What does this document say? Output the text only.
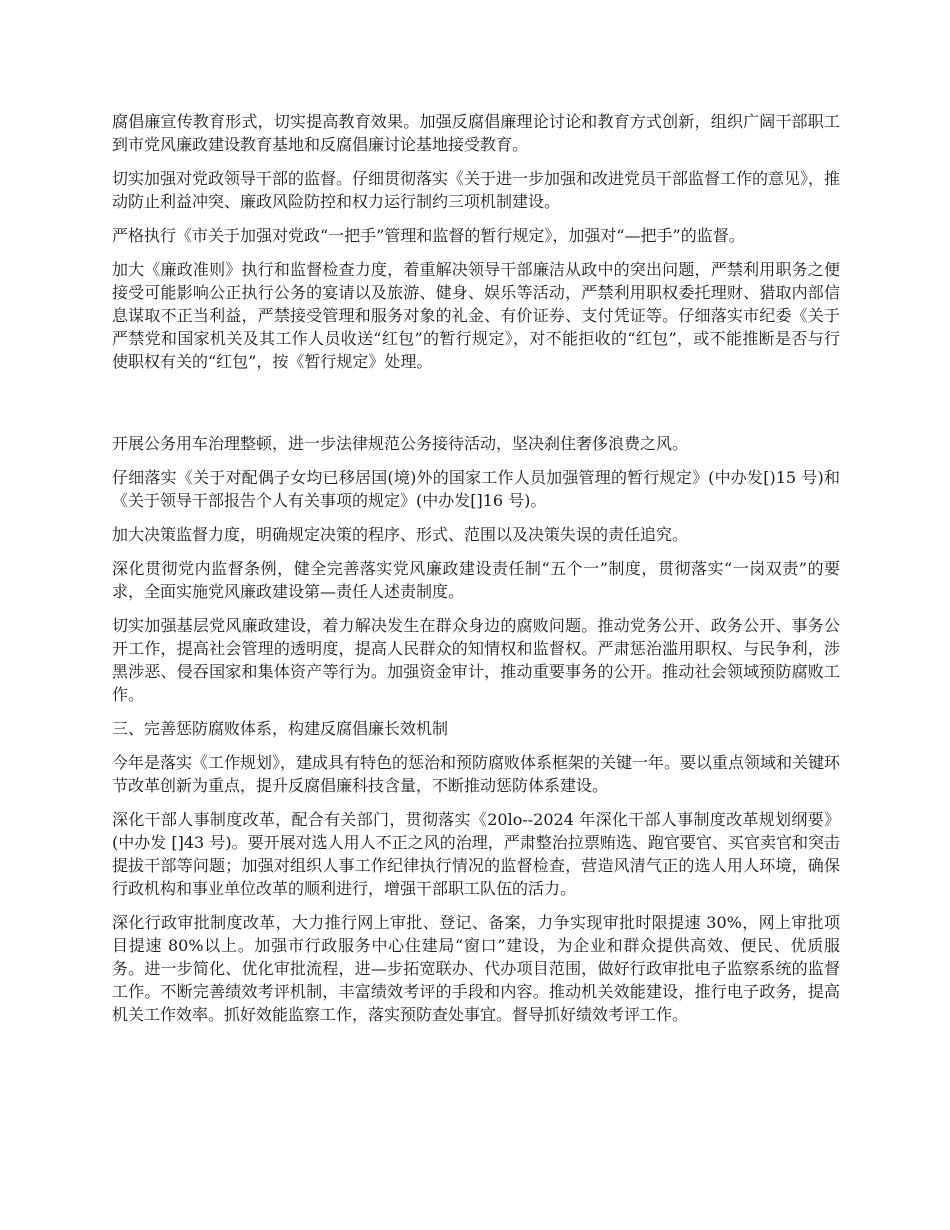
腐倡廉宣传教育形式，切实提高教育效果。加强反腐倡廉理论讨论和教育方式创新，组织广阔干部职工到市党风廉政建设教育基地和反腐倡廉讨论基地接受教育。

切实加强对党政领导干部的监督。仔细贯彻落实《关于进一步加强和改进党员干部监督工作的意见》，推动防止利益冲突、廉政风险防控和权力运行制约三项机制建设。

严格执行《市关于加强对党政“一把手”管理和监督的暂行规定》，加强对“—把手”的监督。

加大《廉政准则》执行和监督检查力度，着重解决领导干部廉洁从政中的突出问题，严禁利用职务之便接受可能影响公正执行公务的宴请以及旅游、健身、娱乐等活动，严禁利用职权委托理财、猎取内部信息谋取不正当利益，严禁接受管理和服务对象的礼金、有价证券、支付凭证等。仔细落实市纪委《关于严禁党和国家机关及其工作人员收送“红包”的暂行规定》，对不能拒收的“红包”，或不能推断是否与行使职权有关的“红包”，按《暂行规定》处理。

开展公务用车治理整顿，进一步法律规范公务接待活动，坚决刹住奢侈浪费之风。

仔细落实《关于对配偶子女均已移居国(境)外的国家工作人员加强管理的暂行规定》(中办发[)15 号)和《关于领导干部报告个人有关事项的规定》(中办发[]16 号)。

加大决策监督力度，明确规定决策的程序、形式、范围以及决策失误的责任追究。

深化贯彻党内监督条例，健全完善落实党风廉政建设责任制“五个一”制度，贯彻落实“一岗双责”的要求，全面实施党风廉政建设第—责任人述责制度。

切实加强基层党风廉政建设，着力解决发生在群众身边的腐败问题。推动党务公开、政务公开、事务公开工作，提高社会管理的透明度，提高人民群众的知情权和监督权。严肃惩治滥用职权、与民争利，涉黑涉恶、侵吞国家和集体资产等行为。加强资金审计，推动重要事务的公开。推动社会领域预防腐败工作。

三、完善惩防腐败体系，构建反腐倡廉长效机制

今年是落实《工作规划》，建成具有特色的惩治和预防腐败体系框架的关键一年。要以重点领域和关键环节改革创新为重点，提升反腐倡廉科技含量，不断推动惩防体系建设。

深化干部人事制度改革，配合有关部门，贯彻落实《20lo--2024 年深化干部人事制度改革规划纲要》(中办发 []43 号)。要开展对选人用人不正之风的治理，严肃整治拉票贿选、跑官要官、买官卖官和突击提拔干部等问题；加强对组织人事工作纪律执行情况的监督检查，营造风清气正的选人用人环境，确保行政机构和事业单位改革的顺利进行，增强干部职工队伍的活力。

深化行政审批制度改革，大力推行网上审批、登记、备案，力争实现审批时限提速 30%，网上审批项目提速 80%以上。加强市行政服务中心住建局“窗口”建设，为企业和群众提供高效、便民、优质服务。进一步简化、优化审批流程，进—步拓宽联办、代办项目范围，做好行政审批电子监察系统的监督工作。不断完善绩效考评机制，丰富绩效考评的手段和内容。推动机关效能建设，推行电子政务，提高机关工作效率。抓好效能监察工作，落实预防查处事宜。督导抓好绩效考评工作。
